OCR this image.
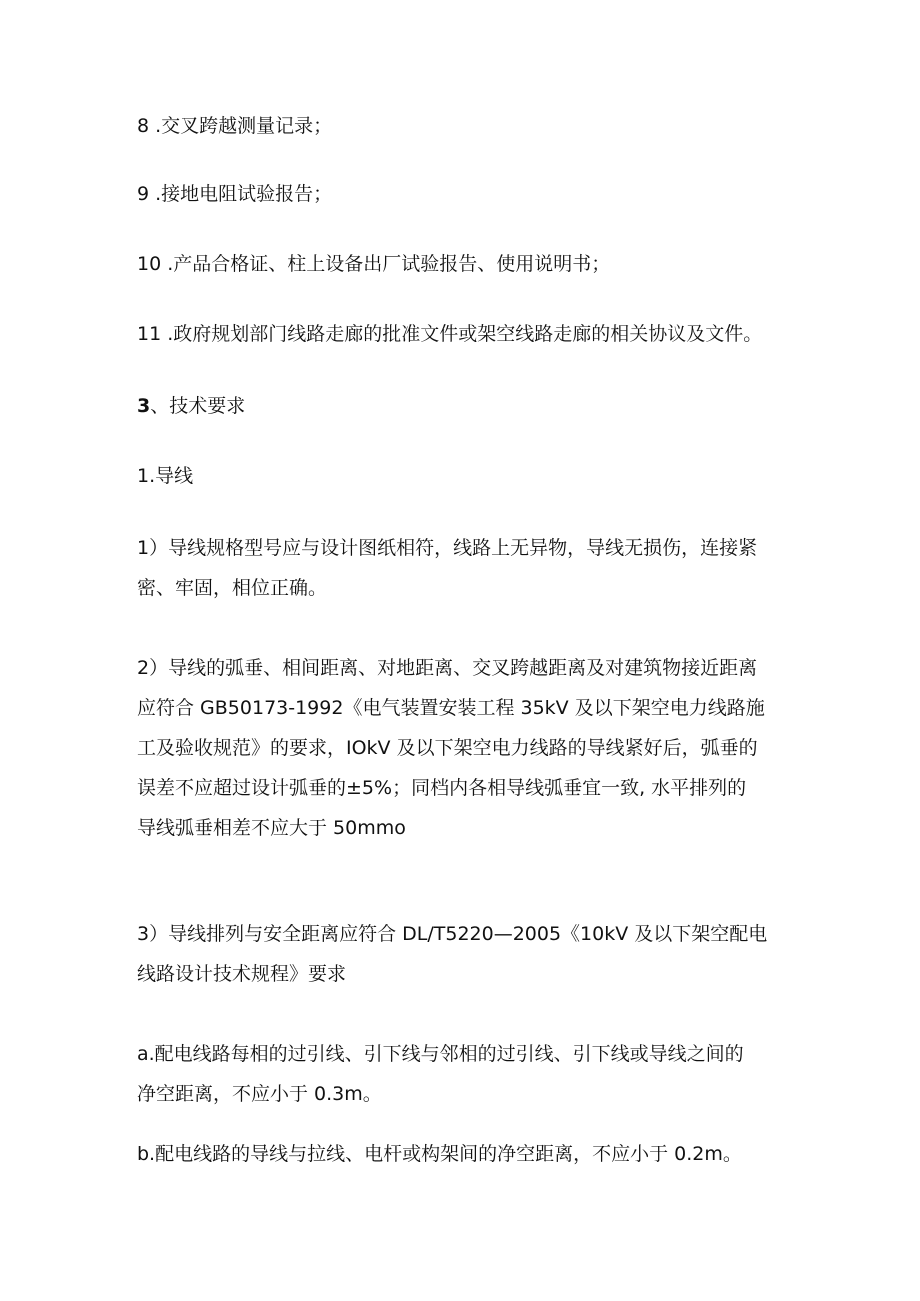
8 .交叉跨越测量记录；

9 .接地电阻试验报告；

10 .产品合格证、柱上设备出厂试验报告、使用说明书；

11 .政府规划部门线路走廊的批准文件或架空线路走廊的相关协议及文件。

3、技术要求

1.导线

1）导线规格型号应与设计图纸相符，线路上无异物，导线无损伤，连接紧
密、牢固，相位正确。

2）导线的弧垂、相间距离、对地距离、交叉跨越距离及对建筑物接近距离
应符合 GB50173-1992《电气装置安装工程 35kV 及以下架空电力线路施
工及验收规范》的要求，IOkV 及以下架空电力线路的导线紧好后，弧垂的
误差不应超过设计弧垂的±5%；同档内各相导线弧垂宜一致, 水平排列的
导线弧垂相差不应大于 50mmo

3）导线排列与安全距离应符合 DL/T5220—2005《10kV 及以下架空配电
线路设计技术规程》要求

a.配电线路每相的过引线、引下线与邻相的过引线、引下线或导线之间的
净空距离，不应小于 0.3m。

b.配电线路的导线与拉线、电杆或构架间的净空距离，不应小于 0.2m。
